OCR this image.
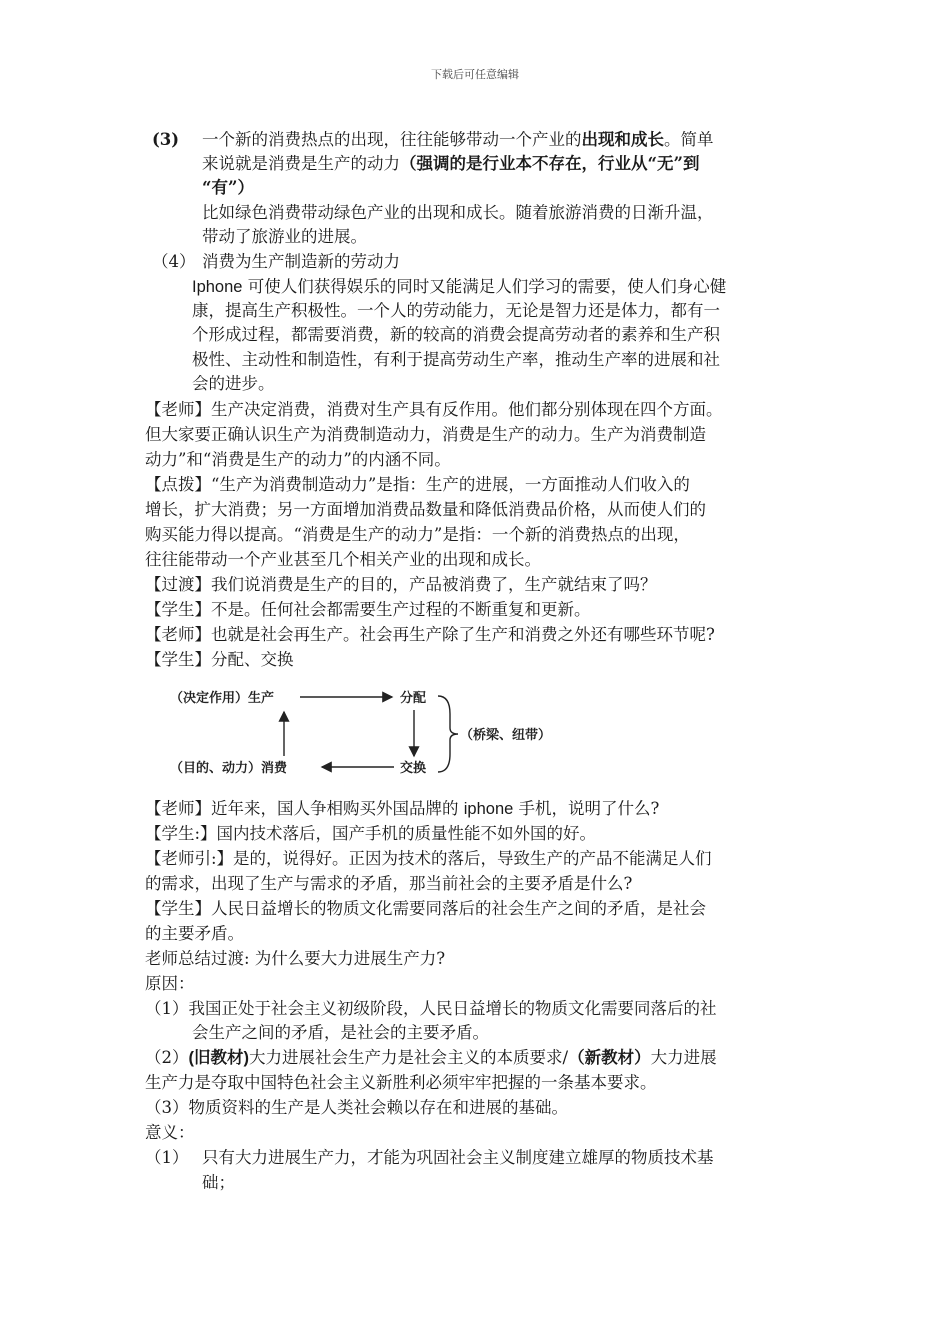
下载后可任意编辑
(3) 一个新的消费热点的出现，往往能够带动一个产业的出现和成长。简单
来说就是消费是生产的动力（强调的是行业本不存在，行业从“无”到
“有”）
比如绿色消费带动绿色产业的出现和成长。随着旅游消费的日渐升温，
带动了旅游业的进展。
（4） 消费为生产制造新的劳动力
Iphone 可使人们获得娱乐的同时又能满足人们学习的需要，使人们身心健
康，提高生产积极性。一个人的劳动能力，无论是智力还是体力，都有一
个形成过程，都需要消费，新的较高的消费会提高劳动者的素养和生产积
极性、主动性和制造性，有利于提高劳动生产率，推动生产率的进展和社
会的进步。
【老师】生产决定消费，消费对生产具有反作用。他们都分别体现在四个方面。
但大家要正确认识生产为消费制造动力，消费是生产的动力。生产为消费制造
动力”和“消费是生产的动力”的内涵不同。
【点拨】“生产为消费制造动力”是指：生产的进展，一方面推动人们收入的
增长，扩大消费；另一方面增加消费品数量和降低消费品价格，从而使人们的
购买能力得以提高。“消费是生产的动力”是指：一个新的消费热点的出现，
往往能带动一个产业甚至几个相关产业的出现和成长。
【过渡】我们说消费是生产的目的，产品被消费了，生产就结束了吗？
【学生】不是。任何社会都需要生产过程的不断重复和更新。
【老师】也就是社会再生产。社会再生产除了生产和消费之外还有哪些环节呢?
【学生】分配、交换
（决定作用）生产	分配
（目的、动力）消费	交换
（桥梁、纽带）
【老师】近年来，国人争相购买外国品牌的 iphone 手机，说明了什么?
【学生:】国内技术落后，国产手机的质量性能不如外国的好。
【老师引:】是的，说得好。正因为技术的落后，导致生产的产品不能满足人们
的需求，出现了生产与需求的矛盾，那当前社会的主要矛盾是什么?
【学生】人民日益增长的物质文化需要同落后的社会生产之间的矛盾，是社会
的主要矛盾。
老师总结过渡: 为什么要大力进展生产力?
原因：
（1）我国正处于社会主义初级阶段，人民日益增长的物质文化需要同落后的社
会生产之间的矛盾，是社会的主要矛盾。
（2）(旧教材)大力进展社会生产力是社会主义的本质要求/（新教材）大力进展
生产力是夺取中国特色社会主义新胜利必须牢牢把握的一条基本要求。
（3）物质资料的生产是人类社会赖以存在和进展的基础。
意义：
（1） 只有大力进展生产力，才能为巩固社会主义制度建立雄厚的物质技术基
础；
